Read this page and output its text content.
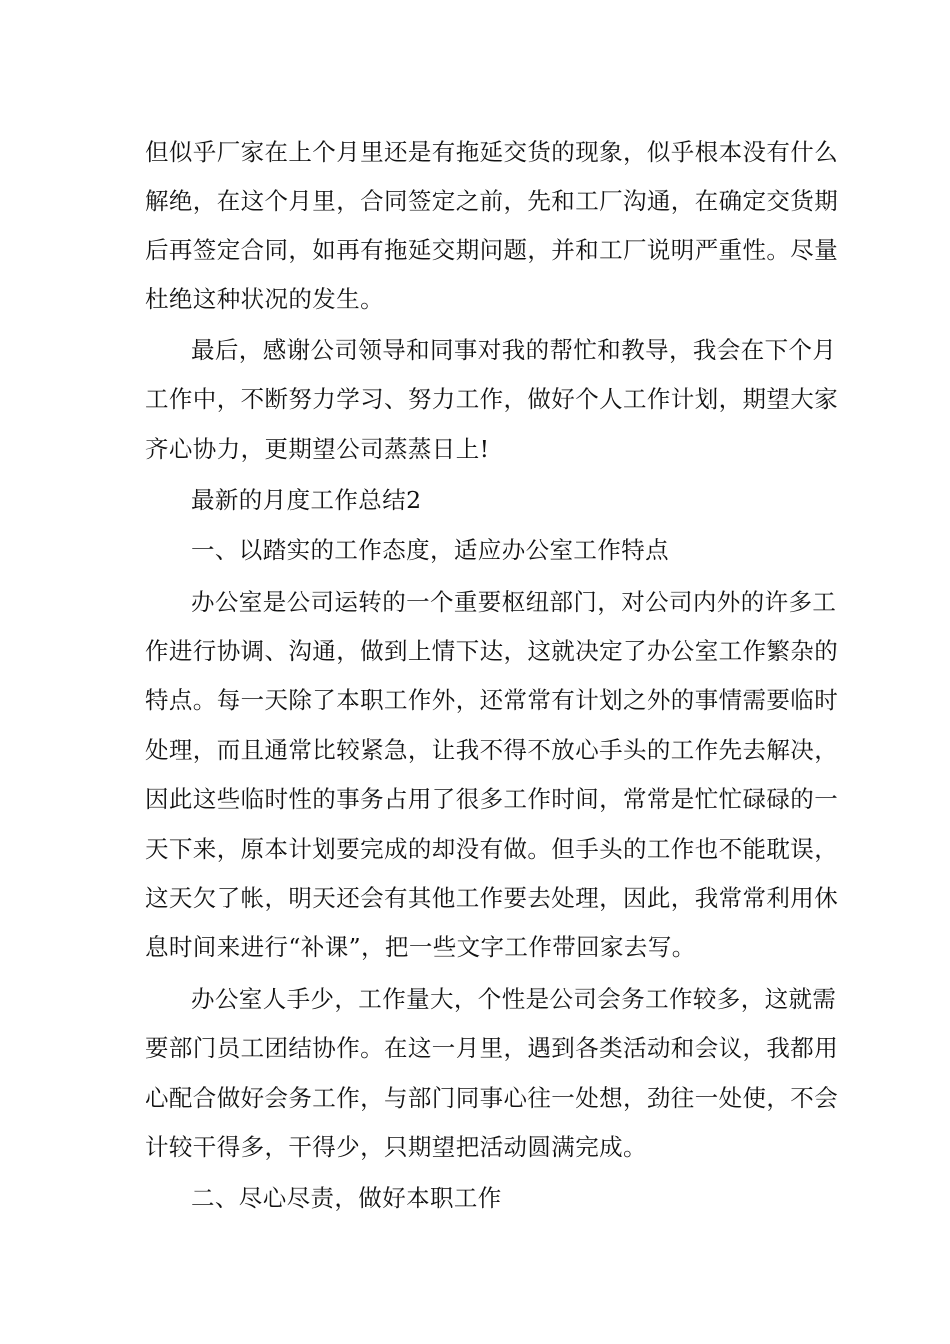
但似乎厂家在上个月里还是有拖延交货的现象，似乎根本没有什么
解绝，在这个月里，合同签定之前，先和工厂沟通，在确定交货期
后再签定合同，如再有拖延交期问题，并和工厂说明严重性。尽量
杜绝这种状况的发生。
最后，感谢公司领导和同事对我的帮忙和教导，我会在下个月
工作中，不断努力学习、努力工作，做好个人工作计划，期望大家
齐心协力，更期望公司蒸蒸日上!
最新的月度工作总结2
一、以踏实的工作态度，适应办公室工作特点
办公室是公司运转的一个重要枢纽部门，对公司内外的许多工
作进行协调、沟通，做到上情下达，这就决定了办公室工作繁杂的
特点。每一天除了本职工作外，还常常有计划之外的事情需要临时
处理，而且通常比较紧急，让我不得不放心手头的工作先去解决，
因此这些临时性的事务占用了很多工作时间，常常是忙忙碌碌的一
天下来，原本计划要完成的却没有做。但手头的工作也不能耽误，
这天欠了帐，明天还会有其他工作要去处理，因此，我常常利用休
息时间来进行“补课”，把一些文字工作带回家去写。
办公室人手少，工作量大，个性是公司会务工作较多，这就需
要部门员工团结协作。在这一月里，遇到各类活动和会议，我都用
心配合做好会务工作，与部门同事心往一处想，劲往一处使，不会
计较干得多，干得少，只期望把活动圆满完成。
二、尽心尽责，做好本职工作
